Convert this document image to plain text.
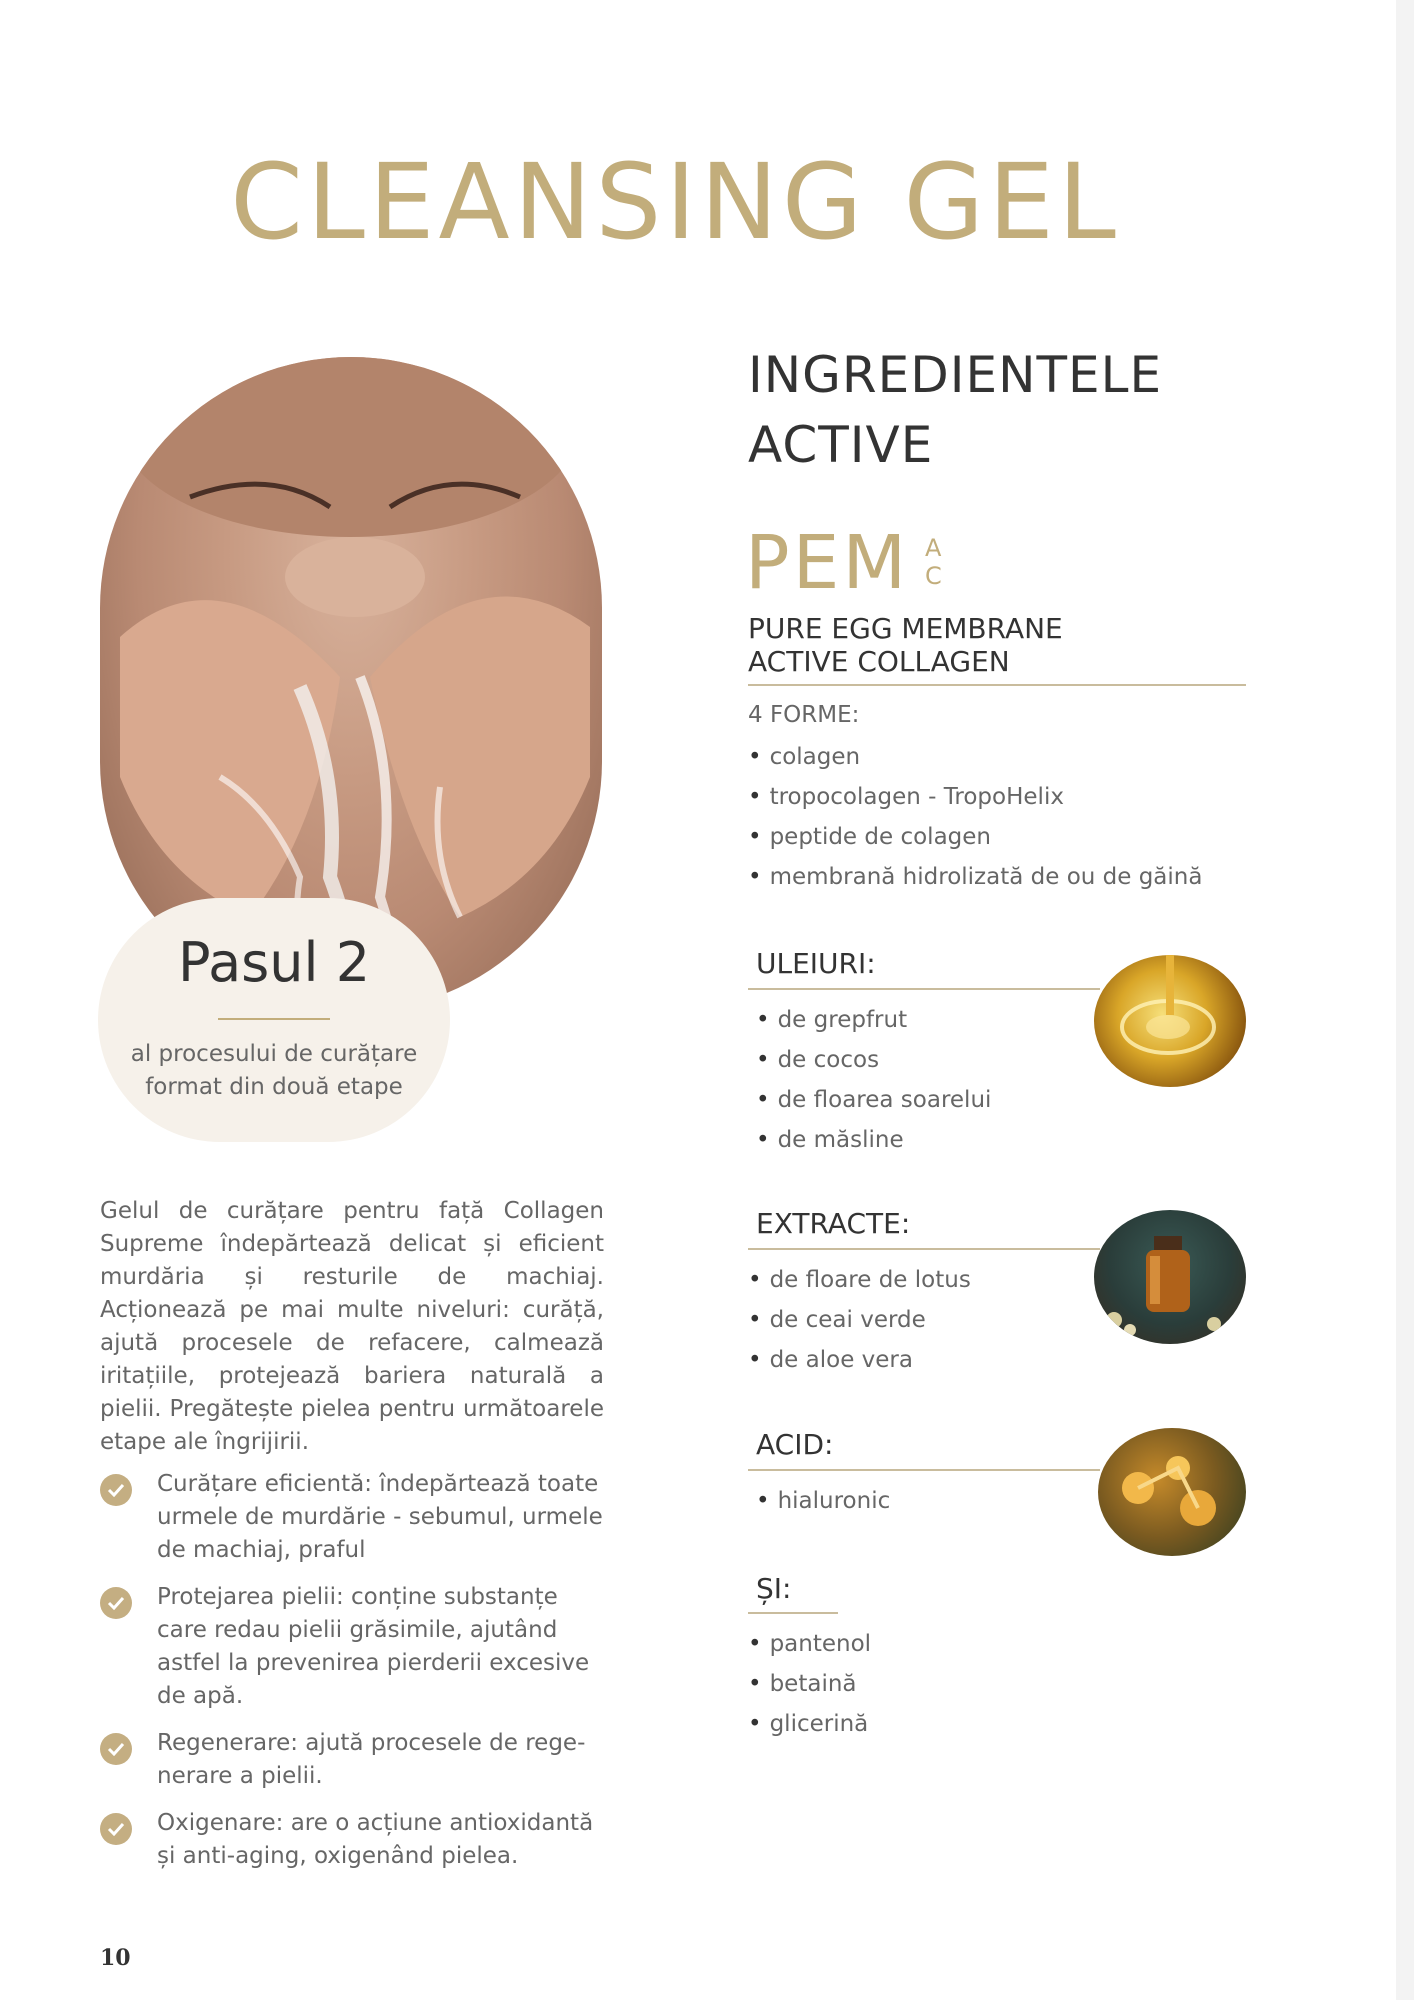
CLEANSING GEL
Pasul 2
al procesului de curățare
format din două etape

Gelul de curățare pentru față Collagen Supreme îndepărtează delicat și eficient murdăria și resturile de machiaj. Acționează pe mai multe niveluri: curăță, ajută procesele de refacere, calmează iritațiile, protejează bariera naturală a pielii. Pregătește pielea pentru următoarele etape ale îngrijirii.

Curățare eficientă: îndepărtează toate urmele de murdărie - sebumul, urmele de machiaj, praful
Protejarea pielii: conține substanțe care redau pielii grăsimile, ajutând astfel la prevenirea pierderii excesive de apă.
Regenerare: ajută procesele de rege-nerare a pielii.
Oxigenare: are o acțiune antioxidantă și anti-aging, oxigenând pielea.
10
INGREDIENTELE
ACTIVE
PEM A
C
PURE EGG MEMBRANE
ACTIVE COLLAGEN
4 FORME:
• colagen
• tropocolagen - TropoHelix
• peptide de colagen
• membrană hidrolizată de ou de găină
ULEIURI:
• de grepfrut
• de cocos
• de floarea soarelui
• de măsline
EXTRACTE:
• de floare de lotus
• de ceai verde
• de aloe vera
ACID:
• hialuronic
ȘI:
• pantenol
• betaină
• glicerină
